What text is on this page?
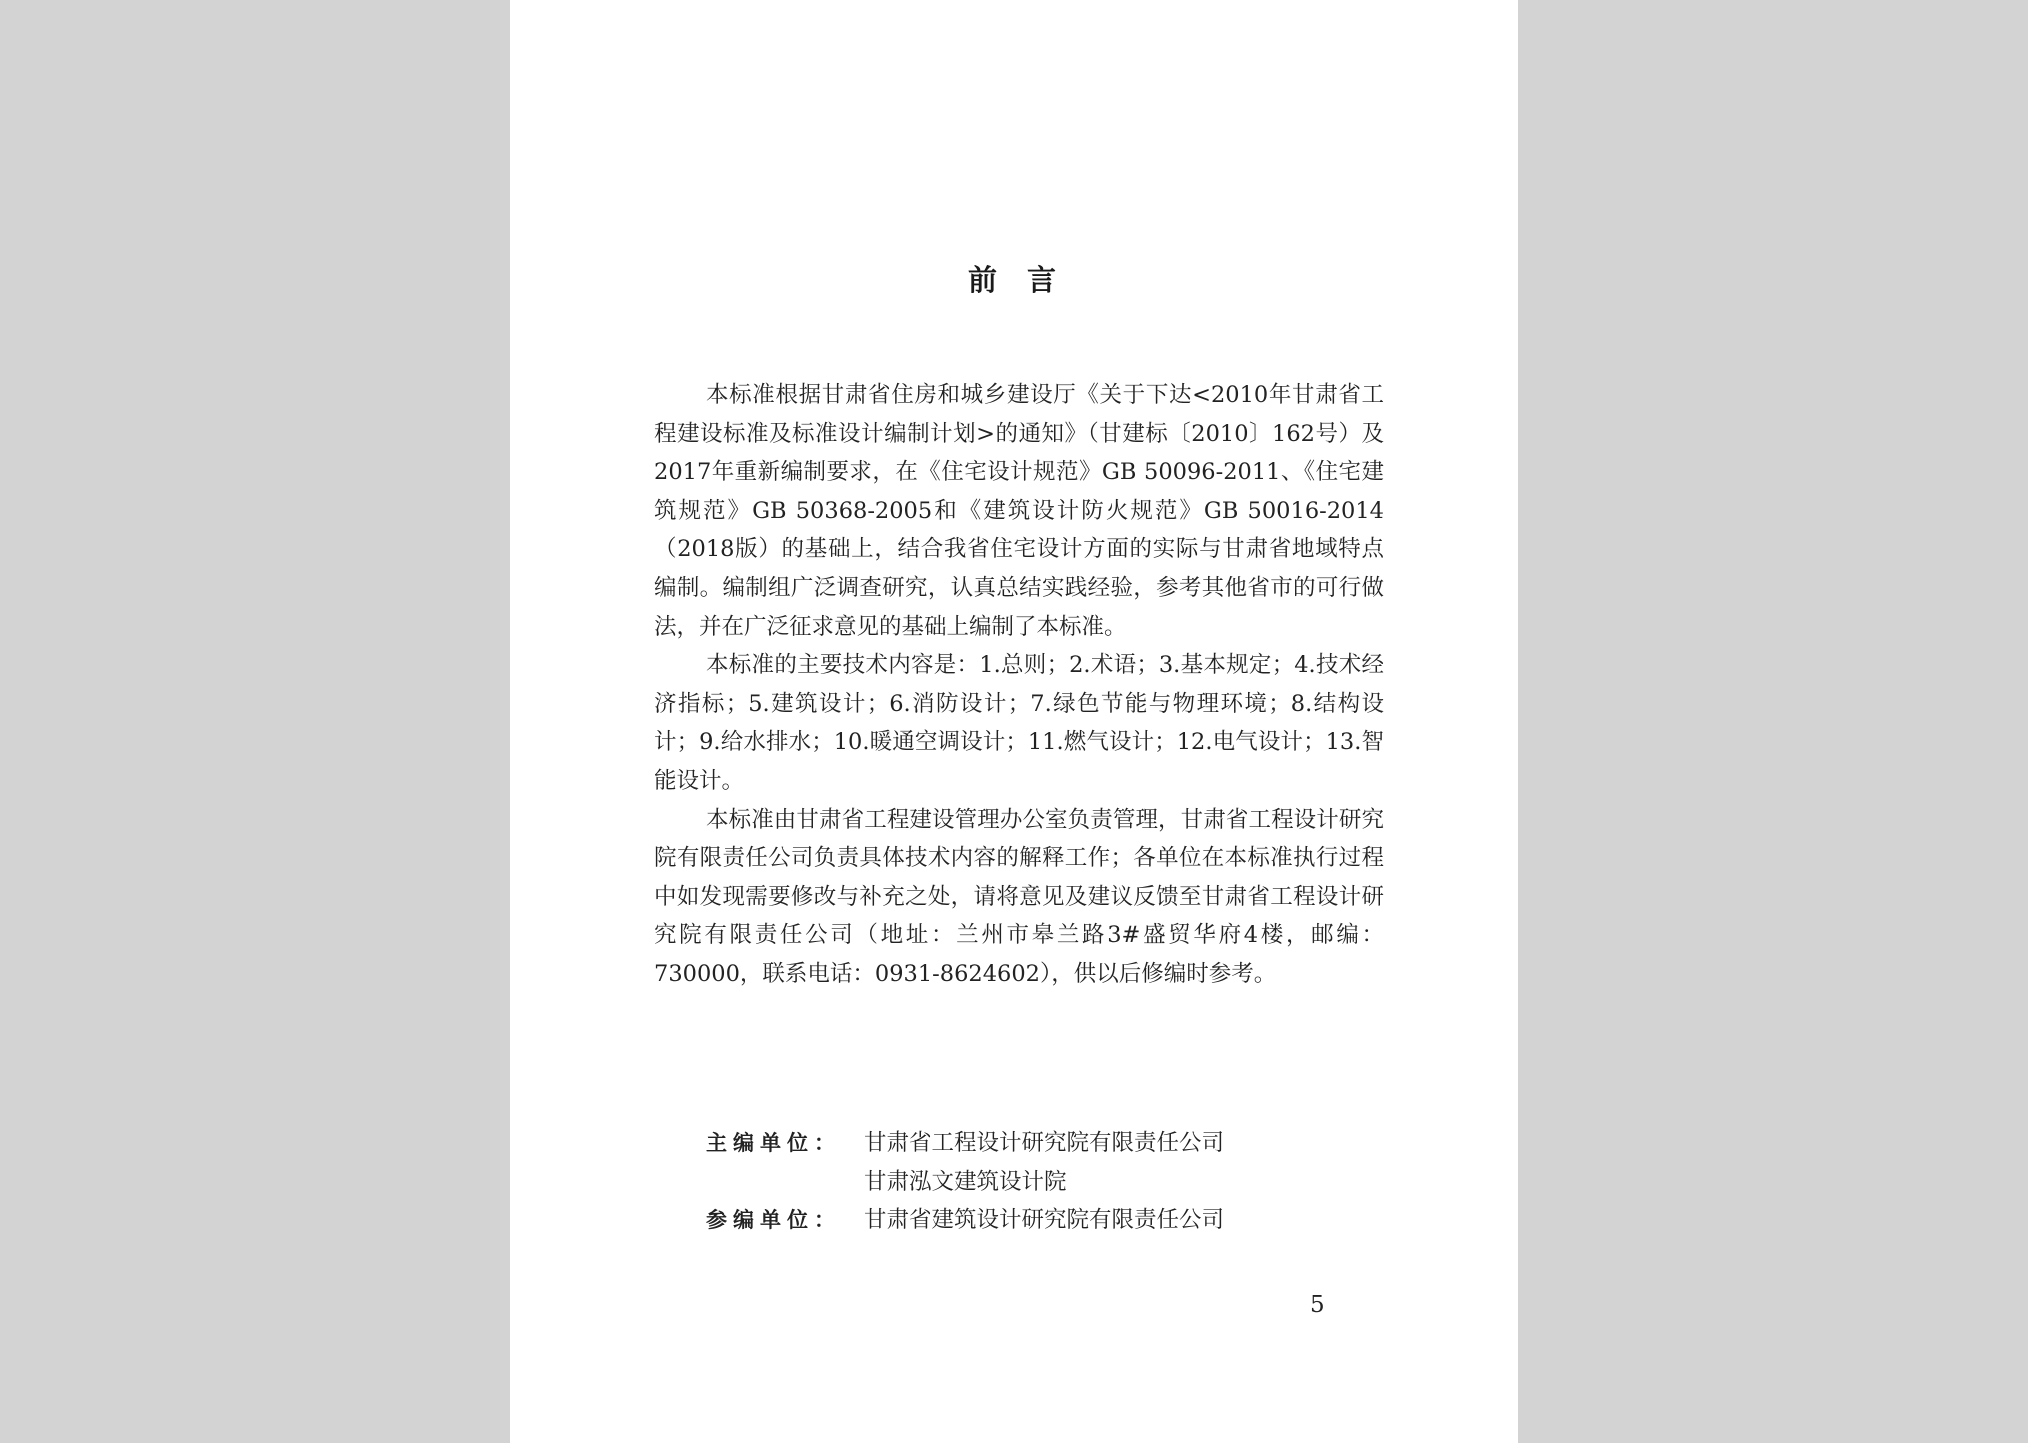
前言

本标准根据甘肃省住房和城乡建设厅《关于下达<2010年甘肃省工程建设标准及标准设计编制计划>的通知》（甘建标〔2010〕162号）及2017年重新编制要求，在《住宅设计规范》GB 50096-2011、《住宅建筑规范》GB 50368-2005和《建筑设计防火规范》GB 50016-2014（2018版）的基础上，结合我省住宅设计方面的实际与甘肃省地域特点编制。编制组广泛调查研究，认真总结实践经验，参考其他省市的可行做法，并在广泛征求意见的基础上编制了本标准。

本标准的主要技术内容是：1.总则；2.术语；3.基本规定；4.技术经济指标；5.建筑设计；6.消防设计；7.绿色节能与物理环境；8.结构设计；9.给水排水；10.暖通空调设计；11.燃气设计；12.电气设计；13.智能设计。

本标准由甘肃省工程建设管理办公室负责管理，甘肃省工程设计研究院有限责任公司负责具体技术内容的解释工作；各单位在本标准执行过程中如发现需要修改与补充之处，请将意见及建议反馈至甘肃省工程设计研究院有限责任公司（地址：兰州市皋兰路3#盛贸华府4楼，邮编：730000，联系电话：0931-8624602），供以后修编时参考。

主编单位：	甘肃省工程设计研究院有限责任公司
甘肃泓文建筑设计院
参编单位：	甘肃省建筑设计研究院有限责任公司
5
